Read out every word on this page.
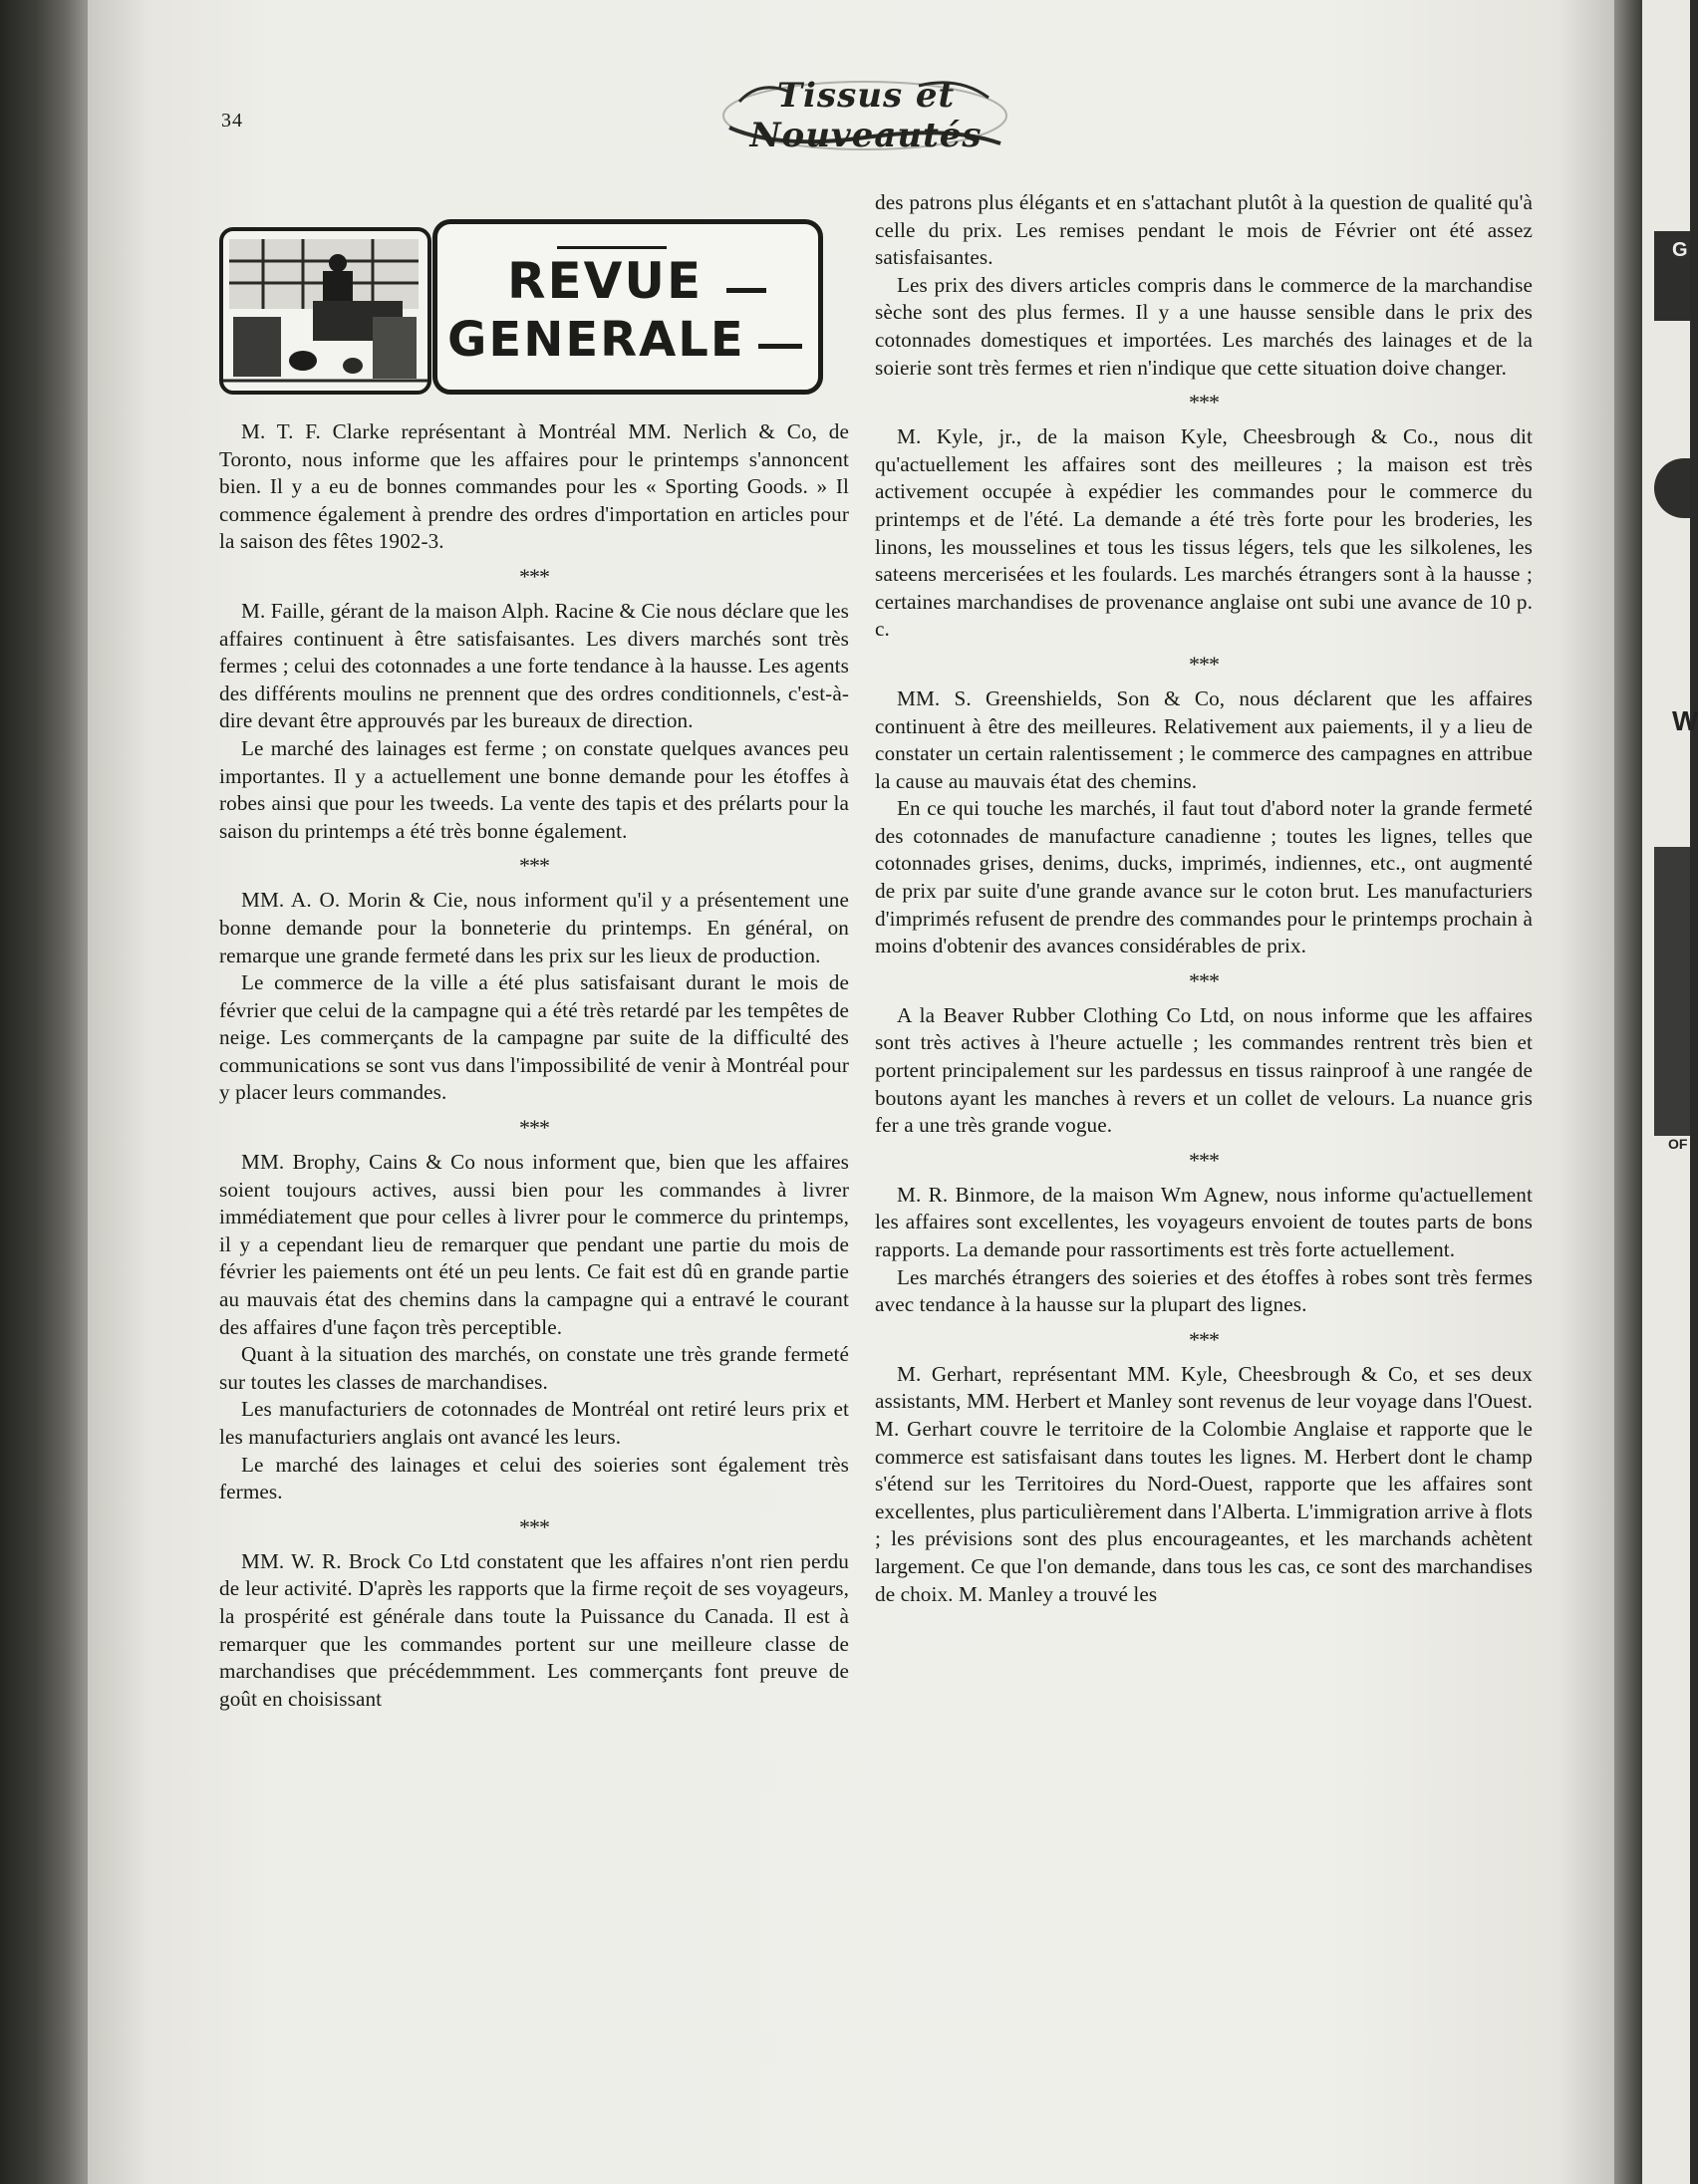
G
W
OF
34
Tissus et Nouveautés
REVUE
GENERALE

M. T. F. Clarke représentant à Montréal MM. Nerlich & Co, de Toronto, nous informe que les affaires pour le printemps s'annoncent bien. Il y a eu de bonnes commandes pour les « Sporting Goods. » Il commence également à prendre des ordres d'importation en articles pour la saison des fêtes 1902-3.

***

M. Faille, gérant de la maison Alph. Racine & Cie nous déclare que les affaires continuent à être satisfaisantes. Les divers marchés sont très fermes ; celui des cotonnades a une forte tendance à la hausse. Les agents des différents moulins ne prennent que des ordres conditionnels, c'est-à-dire devant être approuvés par les bureaux de direction.

Le marché des lainages est ferme ; on constate quelques avances peu importantes. Il y a actuellement une bonne demande pour les étoffes à robes ainsi que pour les tweeds. La vente des tapis et des prélarts pour la saison du printemps a été très bonne également.

***

MM. A. O. Morin & Cie, nous informent qu'il y a présentement une bonne demande pour la bonneterie du printemps. En général, on remarque une grande fermeté dans les prix sur les lieux de production.

Le commerce de la ville a été plus satisfaisant durant le mois de février que celui de la campagne qui a été très retardé par les tempêtes de neige. Les commerçants de la campagne par suite de la difficulté des communications se sont vus dans l'impossibilité de venir à Montréal pour y placer leurs commandes.

***

MM. Brophy, Cains & Co nous informent que, bien que les affaires soient toujours actives, aussi bien pour les commandes à livrer immédiatement que pour celles à livrer pour le commerce du printemps, il y a cependant lieu de remarquer que pendant une partie du mois de février les paiements ont été un peu lents. Ce fait est dû en grande partie au mauvais état des chemins dans la campagne qui a entravé le courant des affaires d'une façon très perceptible.

Quant à la situation des marchés, on constate une très grande fermeté sur toutes les classes de marchandises.

Les manufacturiers de cotonnades de Montréal ont retiré leurs prix et les manufacturiers anglais ont avancé les leurs.

Le marché des lainages et celui des soieries sont également très fermes.

***

MM. W. R. Brock Co Ltd constatent que les affaires n'ont rien perdu de leur activité. D'après les rapports que la firme reçoit de ses voyageurs, la prospérité est générale dans toute la Puissance du Canada. Il est à remarquer que les commandes portent sur une meilleure classe de marchandises que précédemmment. Les commerçants font preuve de goût en choisissant

des patrons plus élégants et en s'attachant plutôt à la question de qualité qu'à celle du prix. Les remises pendant le mois de Février ont été assez satisfaisantes.

Les prix des divers articles compris dans le commerce de la marchandise sèche sont des plus fermes. Il y a une hausse sensible dans le prix des cotonnades domestiques et importées. Les marchés des lainages et de la soierie sont très fermes et rien n'indique que cette situation doive changer.

***

M. Kyle, jr., de la maison Kyle, Cheesbrough & Co., nous dit qu'actuellement les affaires sont des meilleures ; la maison est très activement occupée à expédier les commandes pour le commerce du printemps et de l'été. La demande a été très forte pour les broderies, les linons, les mousselines et tous les tissus légers, tels que les silkolenes, les sateens mercerisées et les foulards. Les marchés étrangers sont à la hausse ; certaines marchandises de provenance anglaise ont subi une avance de 10 p. c.

***

MM. S. Greenshields, Son & Co, nous déclarent que les affaires continuent à être des meilleures. Relativement aux paiements, il y a lieu de constater un certain ralentissement ; le commerce des campagnes en attribue la cause au mauvais état des chemins.

En ce qui touche les marchés, il faut tout d'abord noter la grande fermeté des cotonnades de manufacture canadienne ; toutes les lignes, telles que cotonnades grises, denims, ducks, imprimés, indiennes, etc., ont augmenté de prix par suite d'une grande avance sur le coton brut. Les manufacturiers d'imprimés refusent de prendre des commandes pour le printemps prochain à moins d'obtenir des avances considérables de prix.

***

A la Beaver Rubber Clothing Co Ltd, on nous informe que les affaires sont très actives à l'heure actuelle ; les commandes rentrent très bien et portent principalement sur les pardessus en tissus rainproof à une rangée de boutons ayant les manches à revers et un collet de velours. La nuance gris fer a une très grande vogue.

***

M. R. Binmore, de la maison Wm Agnew, nous informe qu'actuellement les affaires sont excellentes, les voyageurs envoient de toutes parts de bons rapports. La demande pour rassortiments est très forte actuellement.

Les marchés étrangers des soieries et des étoffes à robes sont très fermes avec tendance à la hausse sur la plupart des lignes.

***

M. Gerhart, représentant MM. Kyle, Cheesbrough & Co, et ses deux assistants, MM. Herbert et Manley sont revenus de leur voyage dans l'Ouest. M. Gerhart couvre le territoire de la Colombie Anglaise et rapporte que le commerce est satisfaisant dans toutes les lignes. M. Herbert dont le champ s'étend sur les Territoires du Nord-Ouest, rapporte que les affaires sont excellentes, plus particulièrement dans l'Alberta. L'immigration arrive à flots ; les prévisions sont des plus encourageantes, et les marchands achètent largement. Ce que l'on demande, dans tous les cas, ce sont des marchandises de choix. M. Manley a trouvé les
